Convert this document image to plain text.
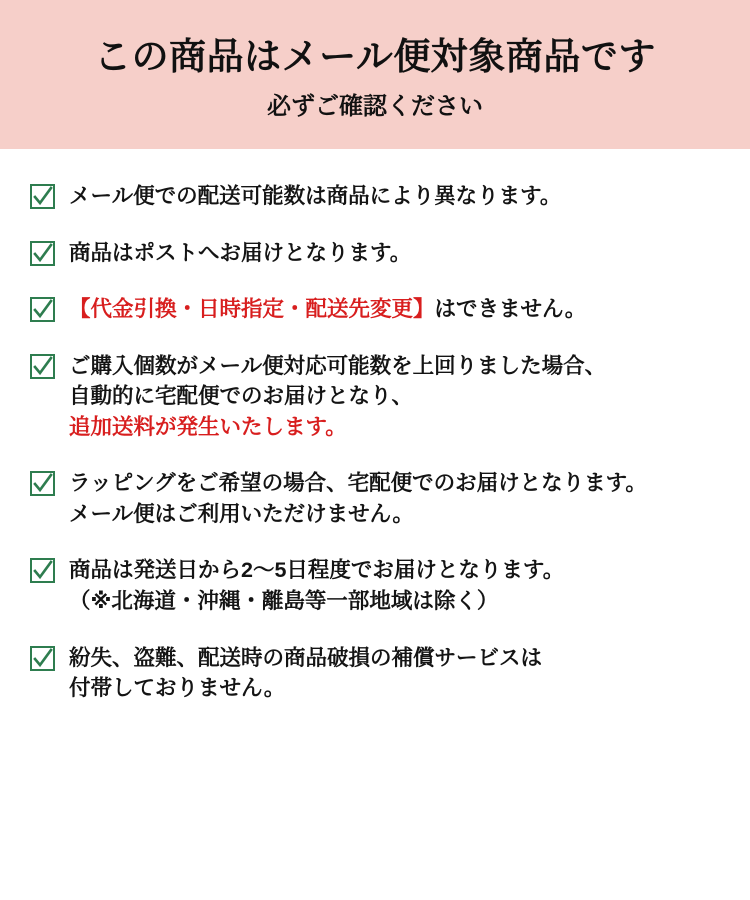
この商品はメール便対象商品です
必ずご確認ください
メール便での配送可能数は商品により異なります。
商品はポストへお届けとなります。
【代金引換・日時指定・配送先変更】はできません。
ご購入個数がメール便対応可能数を上回りました場合、
自動的に宅配便でのお届けとなり、
追加送料が発生いたします。
ラッピングをご希望の場合、宅配便でのお届けとなります。
メール便はご利用いただけません。
商品は発送日から2〜5日程度でお届けとなります。
（※北海道・沖縄・離島等一部地域は除く）
紛失、盗難、配送時の商品破損の補償サービスは
付帯しておりません。
